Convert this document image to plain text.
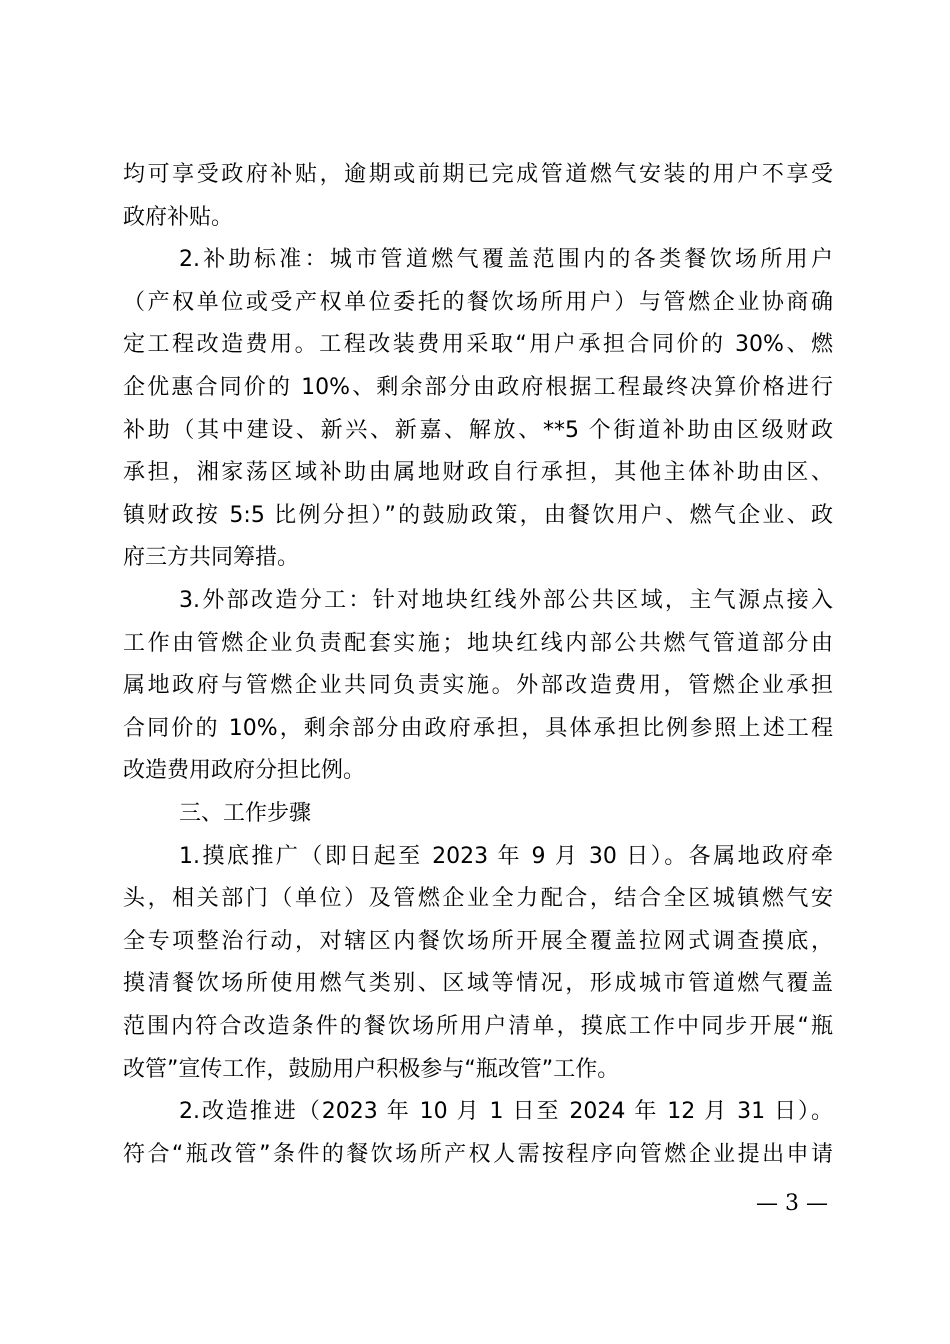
均可享受政府补贴，逾期或前期已完成管道燃气安装的用户不享受
政府补贴。
2.补助标准：城市管道燃气覆盖范围内的各类餐饮场所用户
（产权单位或受产权单位委托的餐饮场所用户）与管燃企业协商确
定工程改造费用。工程改装费用采取“用户承担合同价的 30%、燃
企优惠合同价的 10%、剩余部分由政府根据工程最终决算价格进行
补助（其中建设、新兴、新嘉、解放、**5 个街道补助由区级财政
承担，湘家荡区域补助由属地财政自行承担，其他主体补助由区、
镇财政按 5:5 比例分担）”的鼓励政策，由餐饮用户、燃气企业、政
府三方共同筹措。
3.外部改造分工：针对地块红线外部公共区域，主气源点接入
工作由管燃企业负责配套实施；地块红线内部公共燃气管道部分由
属地政府与管燃企业共同负责实施。外部改造费用，管燃企业承担
合同价的 10%，剩余部分由政府承担，具体承担比例参照上述工程
改造费用政府分担比例。
三、工作步骤
1.摸底推广（即日起至 2023 年 9 月 30 日）。各属地政府牵
头，相关部门（单位）及管燃企业全力配合，结合全区城镇燃气安
全专项整治行动，对辖区内餐饮场所开展全覆盖拉网式调查摸底，
摸清餐饮场所使用燃气类别、区域等情况，形成城市管道燃气覆盖
范围内符合改造条件的餐饮场所用户清单，摸底工作中同步开展“瓶
改管”宣传工作，鼓励用户积极参与“瓶改管”工作。
2.改造推进（2023 年 10 月 1 日至 2024 年 12 月 31 日）。
符合“瓶改管”条件的餐饮场所产权人需按程序向管燃企业提出申请
— 3 —
